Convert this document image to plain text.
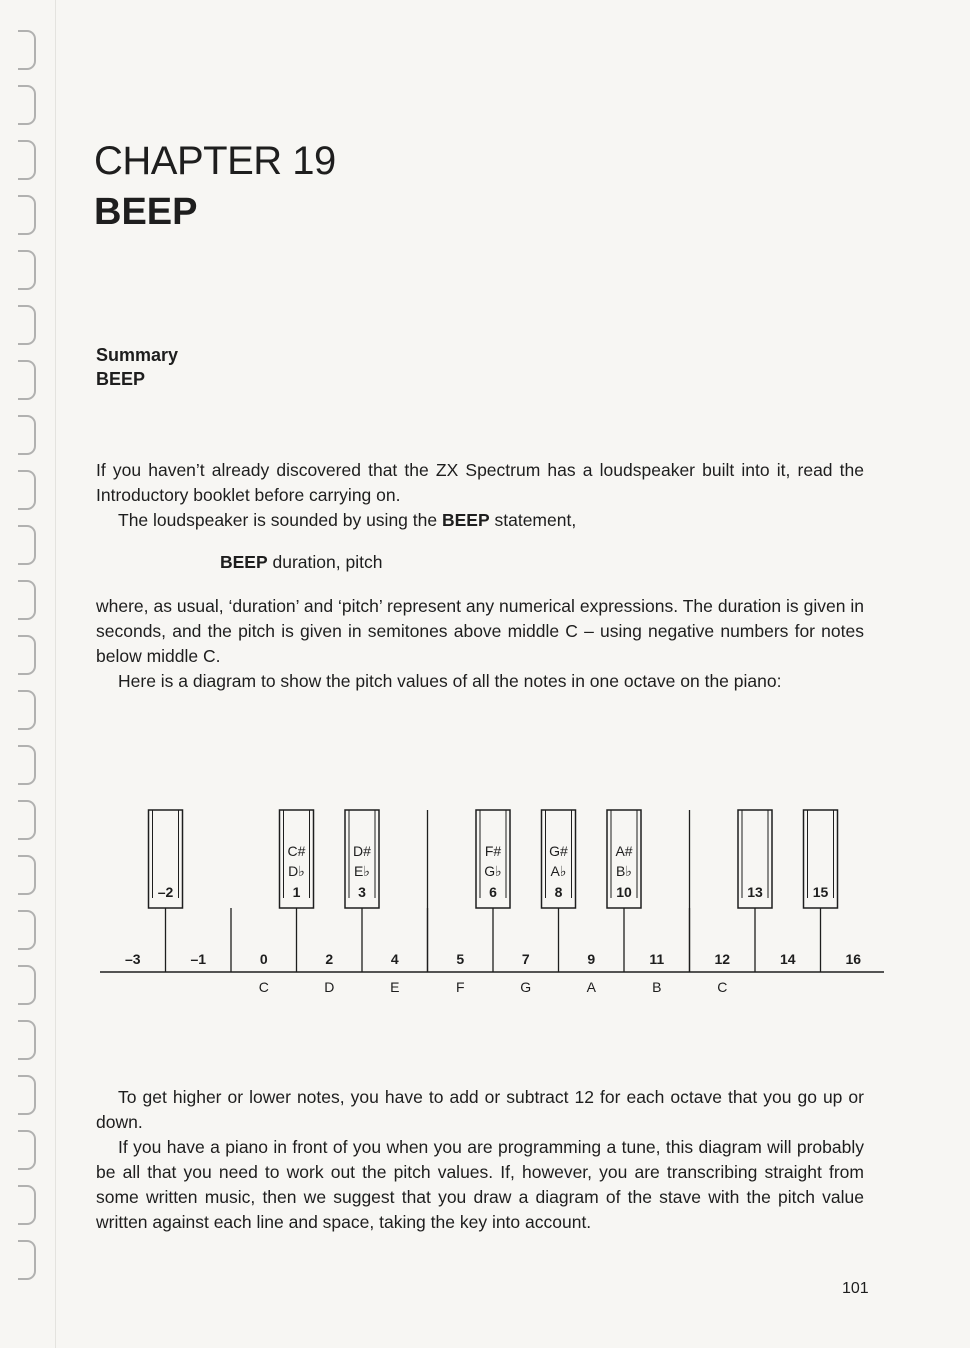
CHAPTER 19
BEEP
Summary
BEEP
If you haven’t already discovered that the ZX Spectrum has a loudspeaker built into it, read the Introductory booklet before carrying on.
The loudspeaker is sounded by using the BEEP statement,
BEEP duration, pitch
where, as usual, ‘duration’ and ‘pitch’ represent any numerical expressions. The duration is given in seconds, and the pitch is given in semitones above middle C – using negative numbers for notes below middle C.
Here is a diagram to show the pitch values of all the notes in one octave on the piano:
–3	–1	0
C
2
D
4
E
5
F
7
G
9
A
11
B
12
C
14	16
–2
C#
D♭
1
D#
E♭
3
F#
G♭
6
G#
A♭
8
A#
B♭
10	13	15
To get higher or lower notes, you have to add or subtract 12 for each octave that you go up or down.
If you have a piano in front of you when you are programming a tune, this diagram will probably be all that you need to work out the pitch values. If, however, you are transcribing straight from some written music, then we suggest that you draw a diagram of the stave with the pitch value written against each line and space, taking the key into account.
101
